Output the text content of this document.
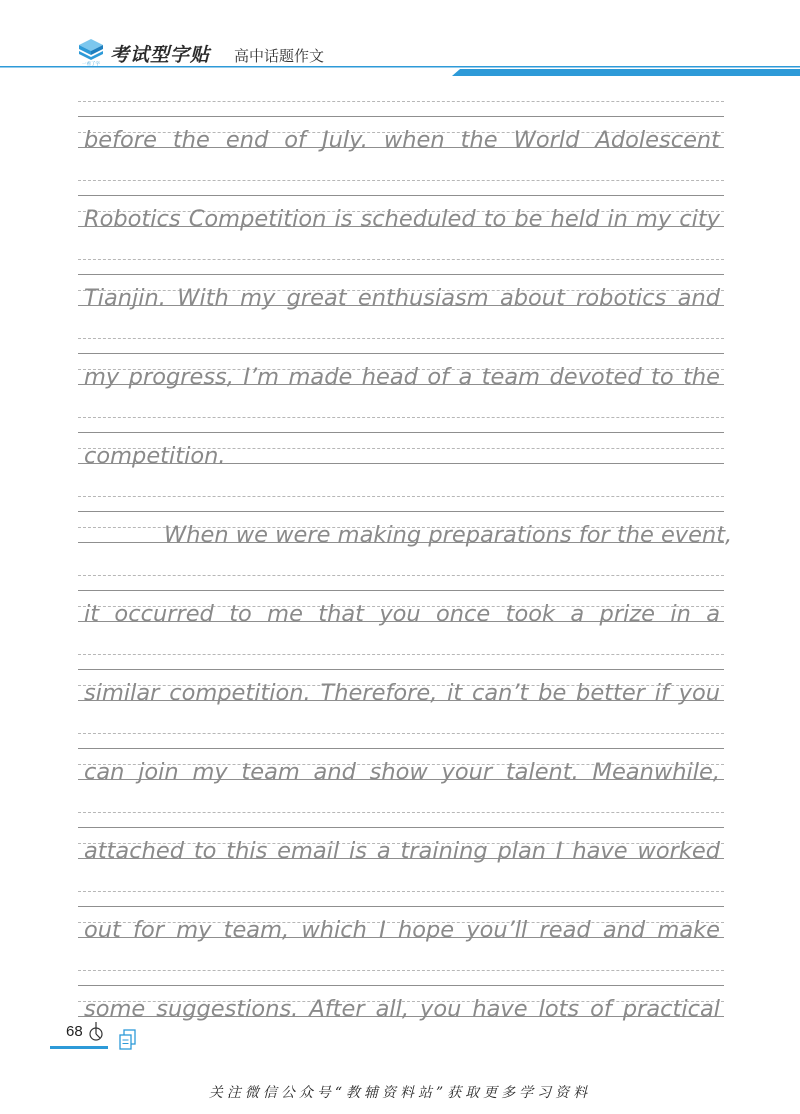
一看了字 考试型字贴 高中话题作文
before the end of July. when the World Adolescent
Robotics Competition is scheduled to be held in my city
Tianjin. With my great enthusiasm about robotics and
my progress, I’m made head of a team devoted to the
competition.
When we were making preparations for the event,
it occurred to me that you once took a prize in a
similar competition. Therefore, it can’t be better if you
can join my team and show your talent. Meanwhile,
attached to this email is a training plan I have worked
out for my team, which I hope you’ll read and make
some suggestions. After all, you have lots of practical
68
关注微信公众号“教辅资料站”获取更多学习资料
